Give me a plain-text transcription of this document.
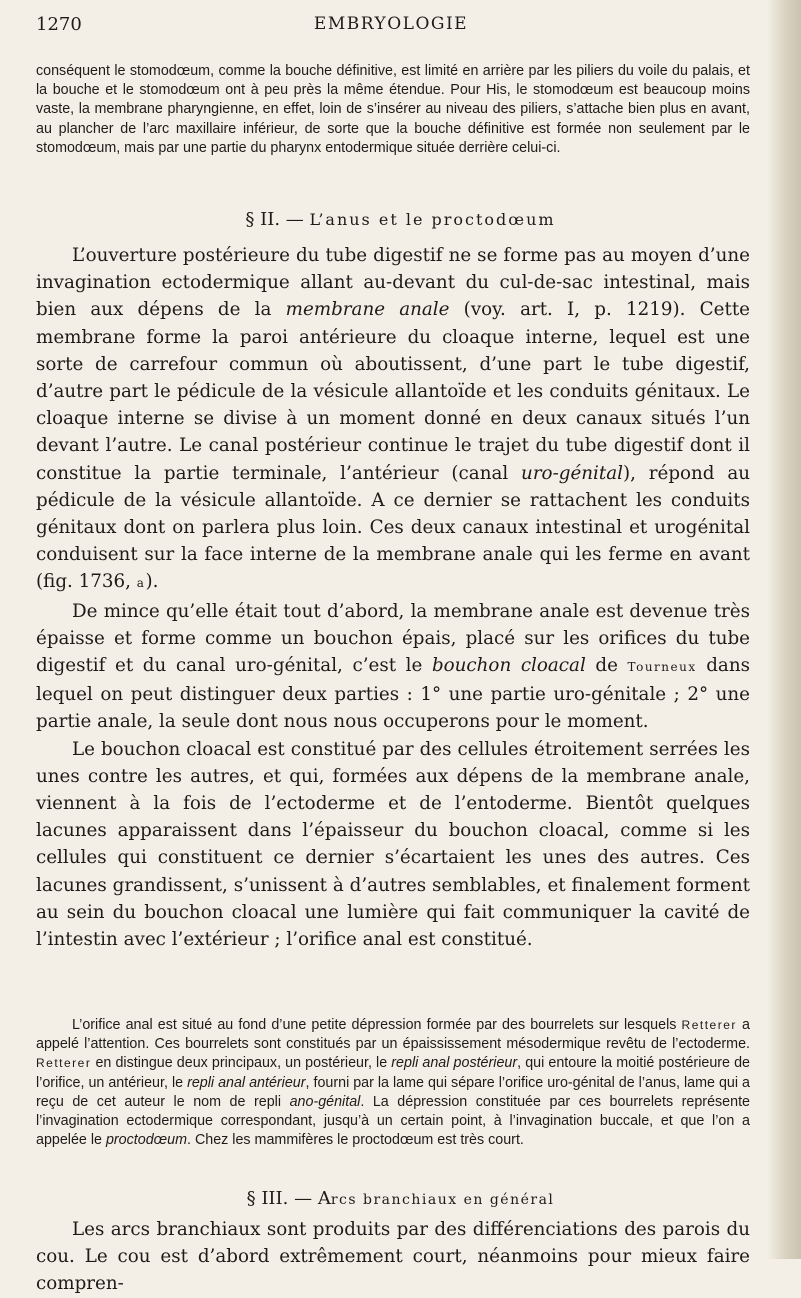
1270	EMBRYOLOGIE

conséquent le stomodœum, comme la bouche définitive, est limité en arrière par les piliers du voile du palais, et la bouche et le stomodœum ont à peu près la même étendue. Pour His, le stomodœum est beaucoup moins vaste, la membrane pharyngienne, en effet, loin de s’insérer au niveau des piliers, s’attache bien plus en avant, au plancher de l’arc maxillaire inférieur, de sorte que la bouche définitive est formée non seulement par le stomodœum, mais par une partie du pharynx entodermique située derrière celui-ci.

§ II. — L’anus et le proctodœum

L’ouverture postérieure du tube digestif ne se forme pas au moyen d’une invagination ectodermique allant au-devant du cul-de-sac intestinal, mais bien aux dépens de la membrane anale (voy. art. I, p. 1219). Cette membrane forme la paroi antérieure du cloaque interne, lequel est une sorte de carrefour commun où aboutissent, d’une part le tube digestif, d’autre part le pédicule de la vésicule allantoïde et les conduits génitaux. Le cloaque interne se divise à un moment donné en deux canaux situés l’un devant l’autre. Le canal postérieur continue le trajet du tube digestif dont il constitue la partie terminale, l’antérieur (canal uro-génital), répond au pédicule de la vésicule allantoïde. A ce dernier se rattachent les conduits génitaux dont on parlera plus loin. Ces deux canaux intestinal et urogénital conduisent sur la face interne de la membrane anale qui les ferme en avant (fig. 1736, a).

De mince qu’elle était tout d’abord, la membrane anale est devenue très épaisse et forme comme un bouchon épais, placé sur les orifices du tube digestif et du canal uro-génital, c’est le bouchon cloacal de Tourneux dans lequel on peut distinguer deux parties : 1° une partie uro-génitale ; 2° une partie anale, la seule dont nous nous occuperons pour le moment.

Le bouchon cloacal est constitué par des cellules étroitement serrées les unes contre les autres, et qui, formées aux dépens de la membrane anale, viennent à la fois de l’ectoderme et de l’entoderme. Bientôt quelques lacunes apparaissent dans l’épaisseur du bouchon cloacal, comme si les cellules qui constituent ce dernier s’écartaient les unes des autres. Ces lacunes grandissent, s’unissent à d’autres semblables, et finalement forment au sein du bouchon cloacal une lumière qui fait communiquer la cavité de l’intestin avec l’extérieur ; l’orifice anal est constitué.

L’orifice anal est situé au fond d’une petite dépression formée par des bourrelets sur lesquels Retterer a appelé l’attention. Ces bourrelets sont constitués par un épaississement mésodermique revêtu de l’ectoderme. Retterer en distingue deux principaux, un postérieur, le repli anal postérieur, qui entoure la moitié postérieure de l’orifice, un antérieur, le repli anal antérieur, fourni par la lame qui sépare l’orifice uro-génital de l’anus, lame qui a reçu de cet auteur le nom de repli ano-génital. La dépression constituée par ces bourrelets représente l’invagination ectodermique correspondant, jusqu’à un certain point, à l’invagination buccale, et que l’on a appelée le proctodœum. Chez les mammifères le proctodœum est très court.

§ III. — Arcs branchiaux en général

Les arcs branchiaux sont produits par des différenciations des parois du cou. Le cou est d’abord extrêmement court, néanmoins pour mieux faire compren-
